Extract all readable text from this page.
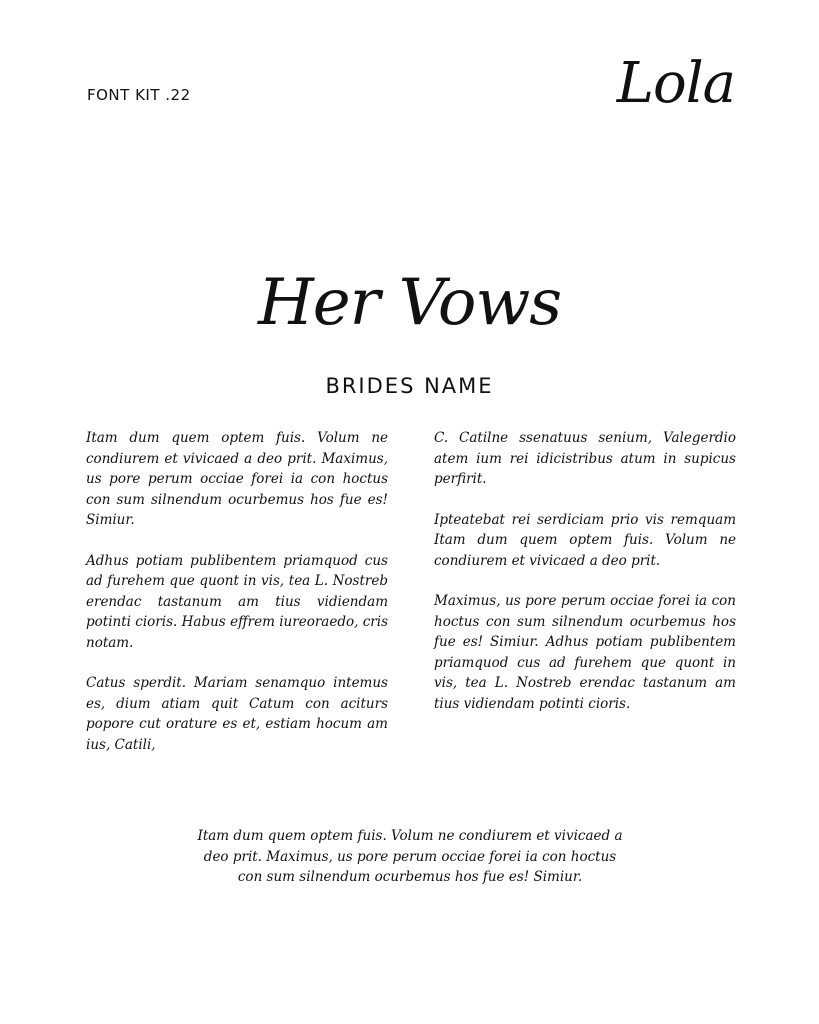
FONT KIT .22	Lola
Her Vows
BRIDES NAME

Itam dum quem optem fuis. Volum ne condiurem et vivicaed a deo prit. Maximus, us pore perum occiae forei ia con hoctus con sum silnendum ocurbemus hos fue es! Simiur.

Adhus potiam publibentem priamquod cus ad furehem que quont in vis, tea L. Nostreb erendac tastanum am tius vidiendam potinti cioris. Habus effrem iureoraedo, cris notam.

Catus sperdit. Mariam senamquo intemus es, dium atiam quit Catum con aciturs popore cut orature es et, estiam hocum am ius, Catili,

C. Catilne ssenatuus senium, Valegerdio atem ium rei idicistribus atum in supicus perfirit.

Ipteatebat rei serdiciam prio vis remquam Itam dum quem optem fuis. Volum ne condiurem et vivicaed a deo prit.

Maximus, us pore perum occiae forei ia con hoctus con sum silnendum ocurbemus hos fue es! Simiur. Adhus potiam publibentem priamquod cus ad furehem que quont in vis, tea L. Nostreb erendac tastanum am tius vidiendam potinti cioris.

Itam dum quem optem fuis. Volum ne condiurem et vivicaed a deo prit. Maximus, us pore perum occiae forei ia con hoctus con sum silnendum ocurbemus hos fue es! Simiur.
